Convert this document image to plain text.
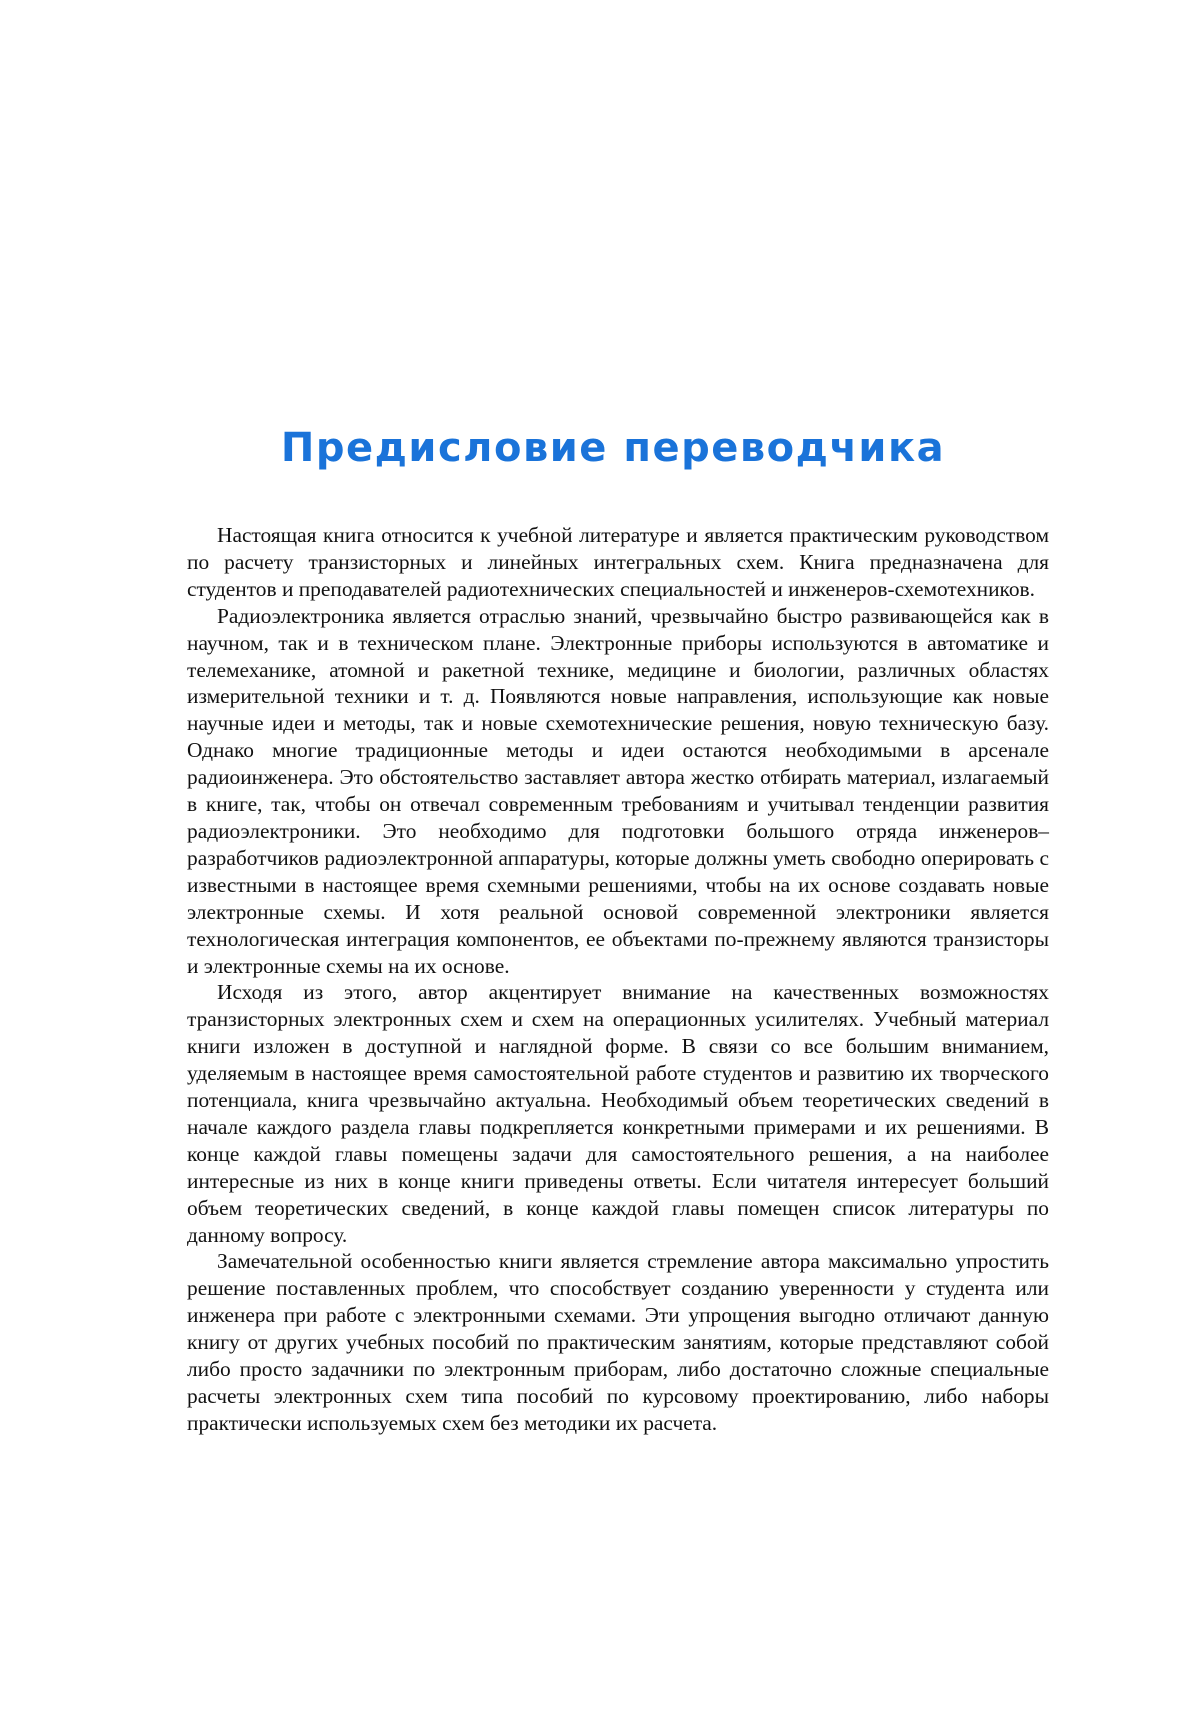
Предисловие переводчика

Настоящая книга относится к учебной литературе и является практическим руководством по расчету транзисторных и линейных интегральных схем. Книга предназначена для студентов и преподавателей радиотехнических специальностей и инженеров-схемотехников.

Радиоэлектроника является отраслью знаний, чрезвычайно быстро развивающейся как в научном, так и в техническом плане. Электронные приборы используются в автоматике и телемеханике, атомной и ракетной технике, медицине и биологии, различных областях измерительной техники и т. д. Появляются новые направления, использующие как новые научные идеи и методы, так и новые схемотехнические решения, новую техническую базу. Однако многие традиционные методы и идеи остаются необходимыми в арсенале радиоинженера. Это обстоятельство заставляет автора жестко отбирать материал, излагаемый в книге, так, чтобы он отвечал современным требованиям и учитывал тенденции развития радиоэлектроники. Это необходимо для подготовки большого отряда инженеров–разработчиков радиоэлектронной аппаратуры, которые должны уметь свободно оперировать с известными в настоящее время схемными решениями, чтобы на их основе создавать новые электронные схемы. И хотя реальной основой современной электроники является технологическая интеграция компонентов, ее объектами по-прежнему являются транзисторы и электронные схемы на их основе.

Исходя из этого, автор акцентирует внимание на качественных возможностях транзисторных электронных схем и схем на операционных усилителях. Учебный материал книги изложен в доступной и наглядной форме. В связи со все большим вниманием, уделяемым в настоящее время самостоятельной работе студентов и развитию их творческого потенциала, книга чрезвычайно актуальна. Необходимый объем теоретических сведений в начале каждого раздела главы подкрепляется конкретными примерами и их решениями. В конце каждой главы помещены задачи для самостоятельного решения, а на наиболее интересные из них в конце книги приведены ответы. Если читателя интересует больший объем теоретических сведений, в конце каждой главы помещен список литературы по данному вопросу.

Замечательной особенностью книги является стремление автора максимально упростить решение поставленных проблем, что способствует созданию уверенности у студента или инженера при работе с электронными схемами. Эти упрощения выгодно отличают данную книгу от других учебных пособий по практическим занятиям, которые представляют собой либо просто задачники по электронным приборам, либо достаточно сложные специальные расчеты электронных схем типа пособий по курсовому проектированию, либо наборы практически используемых схем без методики их расчета.
